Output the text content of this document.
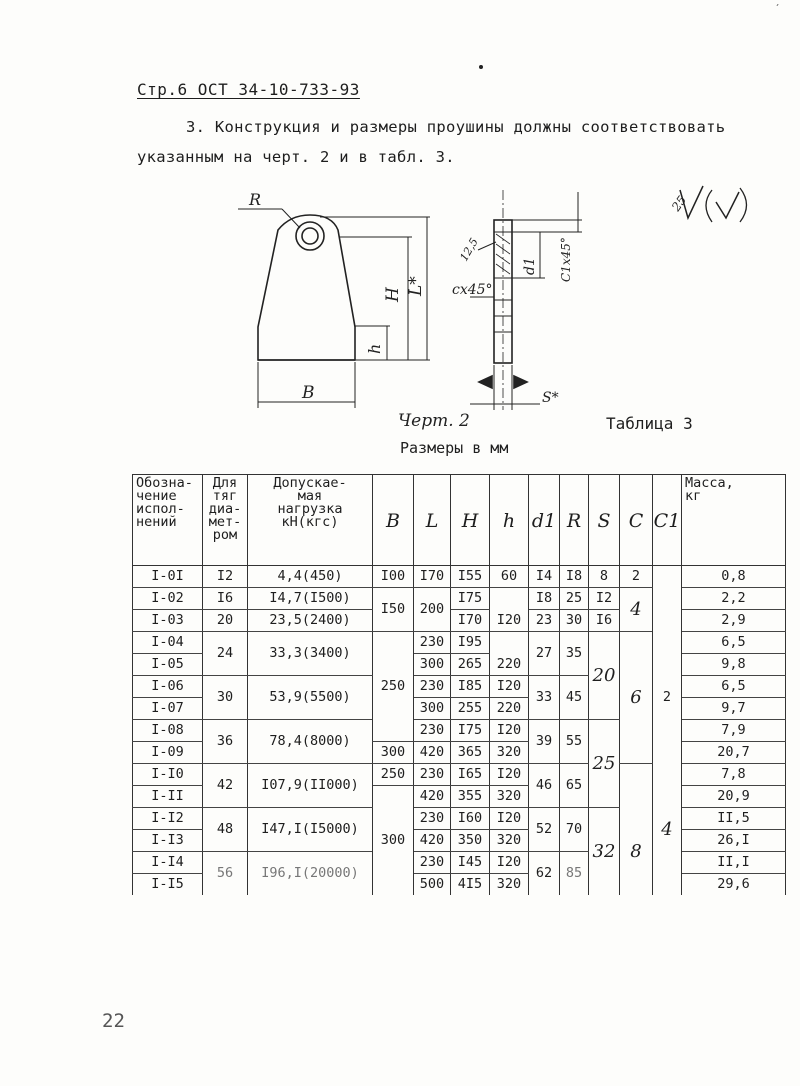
Стр.6 ОСТ 34-10-733-93
ˊ
3. Конструкция и размеры проушины должны соответствовать
указанным на черт. 2 и в табл. 3.
R
H L*
h
B
d1
cx45°
C1x45°
S*
12,5
Черт. 2
25
Таблица 3
Размеры в мм
Обозна-
чение
испол-
нений	Для
тяг
диа-
мет-
ром	Допускае-
мая
нагрузка
кН(кгс)	B	L	H	h	d1	R	S	C	C1	Масса,
кг
I-0I	I2	4,4(450)	I00	I70	I55	60	I4	I8	8	2		0,8
I-02	I6	I4,7(I500)	I50	200	I75		I8	25	I2	4		2,2
I-03	20	23,5(2400)			I70	I20	23	30	I6			2,9
I-04	24	33,3(3400)	250	230	I95		27	35	20	6	2	6,5
I-05				300	265	220						9,8
I-06	30	53,9(5500)		230	I85	I20	33	45				6,5
I-07				300	255	220						9,7
I-08	36	78,4(8000)		230	I75	I20	39	55	25			7,9
I-09			300	420	365	320						20,7
I-I0	42	I07,9(II000)	250	230	I65	I20	46	65			4	7,8
I-II			300	420	355	320						20,9
I-I2	48	I47,I(I5000)		230	I60	I20	52	70	32	8		II,5
I-I3				420	350	320						26,I
I-I4	56	I96,I(20000)		230	I45	I20	62	85				II,I
I-I5				500	4I5	320						29,6
22
